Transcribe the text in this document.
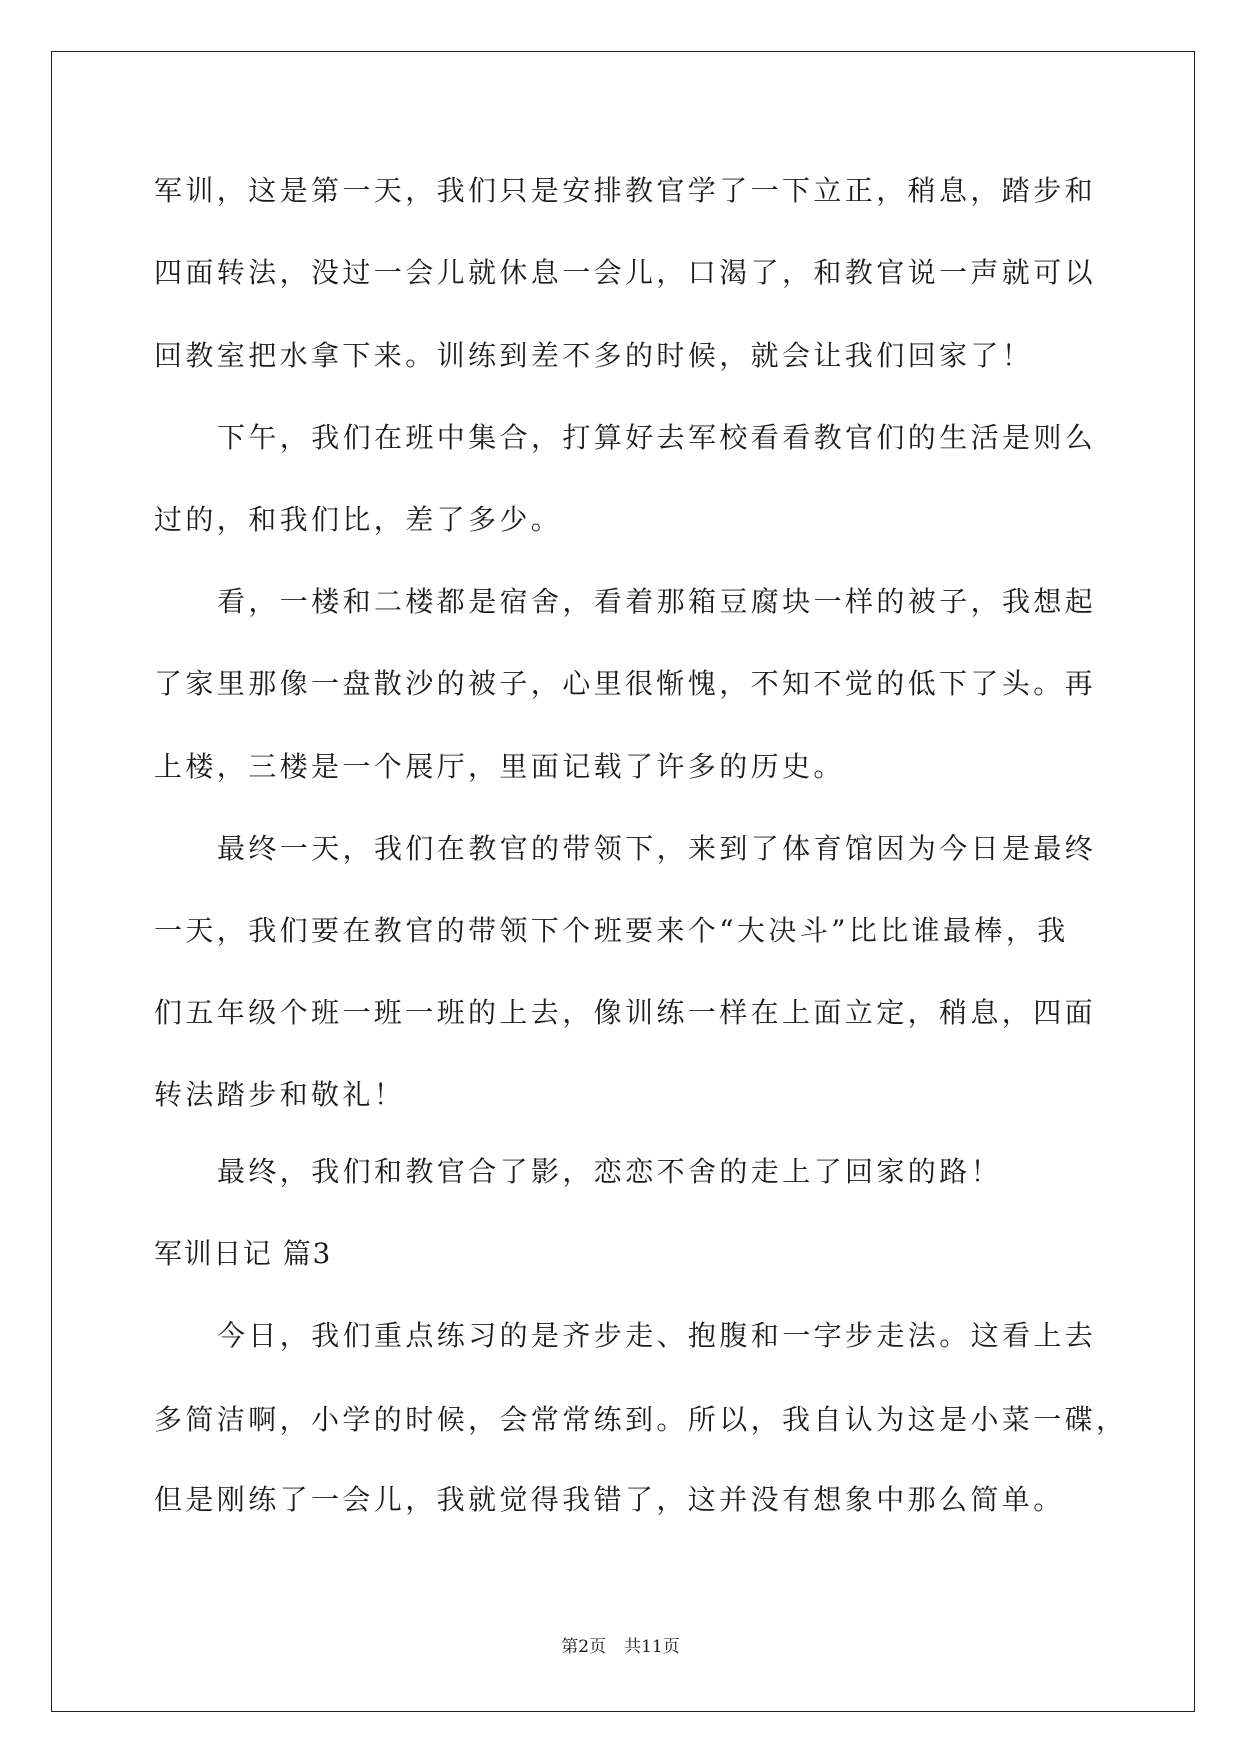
军训，这是第一天，我们只是安排教官学了一下立正，稍息，踏步和
四面转法，没过一会儿就休息一会儿，口渴了，和教官说一声就可以
回教室把水拿下来。训练到差不多的时候，就会让我们回家了！
下午，我们在班中集合，打算好去军校看看教官们的生活是则么
过的，和我们比，差了多少。
看，一楼和二楼都是宿舍，看着那箱豆腐块一样的被子，我想起
了家里那像一盘散沙的被子，心里很惭愧，不知不觉的低下了头。再
上楼，三楼是一个展厅，里面记载了许多的历史。
最终一天，我们在教官的带领下，来到了体育馆因为今日是最终
一天，我们要在教官的带领下个班要来个“大决斗”比比谁最棒，我
们五年级个班一班一班的上去，像训练一样在上面立定，稍息，四面
转法踏步和敬礼！
最终，我们和教官合了影，恋恋不舍的走上了回家的路！
军训日记 篇3
今日，我们重点练习的是齐步走、抱腹和一字步走法。这看上去
多简洁啊，小学的时候，会常常练到。所以，我自认为这是小菜一碟，
但是刚练了一会儿，我就觉得我错了，这并没有想象中那么简单。
第2页 共11页
